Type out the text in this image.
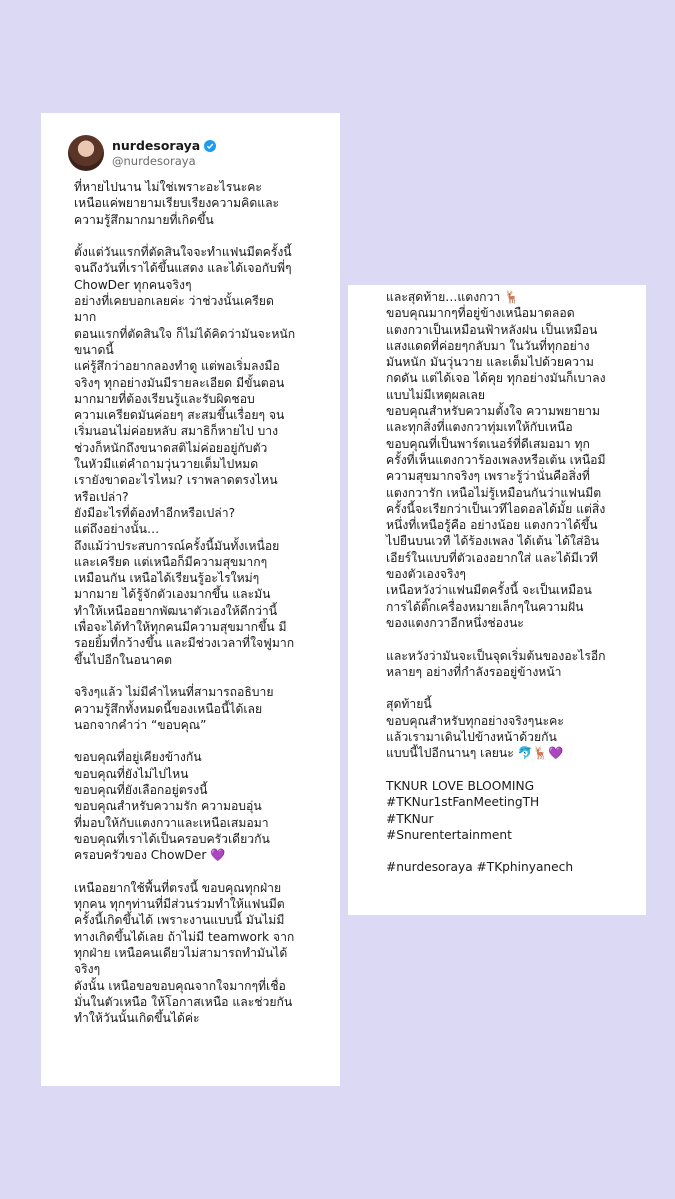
nurdesoraya
@nurdesoraya

ที่หายไปนาน ไม่ใช่เพราะอะไรนะคะ
เหนือแค่พยายามเรียบเรียงความคิดและ
ความรู้สึกมากมายที่เกิดขึ้น

ตั้งแต่วันแรกที่ตัดสินใจจะทำแฟนมีตครั้งนี้
จนถึงวันที่เราได้ขึ้นแสดง และได้เจอกับพี่ๆ
ChowDer ทุกคนจริงๆ
อย่างที่เคยบอกเลยค่ะ ว่าช่วงนั้นเครียด
มาก
ตอนแรกที่ตัดสินใจ ก็ไม่ได้คิดว่ามันจะหนัก
ขนาดนี้
แค่รู้สึกว่าอยากลองทำดู แต่พอเริ่มลงมือ
จริงๆ ทุกอย่างมันมีรายละเอียด มีขั้นตอน
มากมายที่ต้องเรียนรู้และรับผิดชอบ
ความเครียดมันค่อยๆ สะสมขึ้นเรื่อยๆ จน
เริ่มนอนไม่ค่อยหลับ สมาธิก็หายไป บาง
ช่วงก็หนักถึงขนาดสติไม่ค่อยอยู่กับตัว
ในหัวมีแต่คำถามวุ่นวายเต็มไปหมด
เรายังขาดอะไรไหม? เราพลาดตรงไหน
หรือเปล่า?
ยังมีอะไรที่ต้องทำอีกหรือเปล่า?
แต่ถึงอย่างนั้น…
ถึงแม้ว่าประสบการณ์ครั้งนี้มันทั้งเหนื่อย
และเครียด แต่เหนือก็มีความสุขมากๆ
เหมือนกัน เหนือได้เรียนรู้อะไรใหม่ๆ
มากมาย ได้รู้จักตัวเองมากขึ้น และมัน
ทำให้เหนืออยากพัฒนาตัวเองให้ดีกว่านี้
เพื่อจะได้ทำให้ทุกคนมีความสุขมากขึ้น มี
รอยยิ้มที่กว้างขึ้น และมีช่วงเวลาที่ใจฟูมาก
ขึ้นไปอีกในอนาคต

จริงๆแล้ว ไม่มีคำไหนที่สามารถอธิบาย
ความรู้สึกทั้งหมดนี้ของเหนือนี้ได้เลย
นอกจากคำว่า “ขอบคุณ”

ขอบคุณที่อยู่เคียงข้างกัน
ขอบคุณที่ยังไม่ไปไหน
ขอบคุณที่ยังเลือกอยู่ตรงนี้
ขอบคุณสำหรับความรัก ความอบอุ่น
ที่มอบให้กับแตงกวาและเหนือเสมอมา
ขอบคุณที่เราได้เป็นครอบครัวเดียวกัน
ครอบครัวของ ChowDer 💜

เหนืออยากใช้พื้นที่ตรงนี้ ขอบคุณทุกฝ่าย
ทุกคน ทุกๆท่านที่มีส่วนร่วมทำให้แฟนมีต
ครั้งนี้เกิดขึ้นได้ เพราะงานแบบนี้ มันไม่มี
ทางเกิดขึ้นได้เลย ถ้าไม่มี teamwork จาก
ทุกฝ่าย เหนือคนเดียวไม่สามารถทำมันได้
จริงๆ
ดังนั้น เหนือขอขอบคุณจากใจมากๆที่เชื่อ
มั่นในตัวเหนือ ให้โอกาสเหนือ และช่วยกัน
ทำให้วันนั้นเกิดขึ้นได้ค่ะ

และสุดท้าย…แตงกวา 🦌
ขอบคุณมากๆที่อยู่ข้างเหนือมาตลอด
แตงกวาเป็นเหมือนฟ้าหลังฝน เป็นเหมือน
แสงแดดที่ค่อยๆกลับมา ในวันที่ทุกอย่าง
มันหนัก มันวุ่นวาย และเต็มไปด้วยความ
กดดัน แต่ได้เจอ ได้คุย ทุกอย่างมันก็เบาลง
แบบไม่มีเหตุผลเลย
ขอบคุณสำหรับความตั้งใจ ความพยายาม
และทุกสิ่งที่แตงกวาทุ่มเทให้กับเหนือ
ขอบคุณที่เป็นพาร์ตเนอร์ที่ดีเสมอมา ทุก
ครั้งที่เห็นแตงกวาร้องเพลงหรือเต้น เหนือมี
ความสุขมากจริงๆ เพราะรู้ว่านั่นคือสิ่งที่
แตงกวารัก เหนือไม่รู้เหมือนกันว่าแฟนมีต
ครั้งนี้จะเรียกว่าเป็นเวทีไอดอลได้มั้ย แต่สิ่ง
หนึ่งที่เหนือรู้คือ อย่างน้อย แตงกวาได้ขึ้น
ไปยืนบนเวที ได้ร้องเพลง ได้เต้น ได้ใส่อิน
เอียร์ในแบบที่ตัวเองอยากใส่ และได้มีเวที
ของตัวเองจริงๆ
เหนือหวังว่าแฟนมีตครั้งนี้ จะเป็นเหมือน
การได้ติ๊กเครื่องหมายเล็กๆในความฝัน
ของแตงกวาอีกหนึ่งช่องนะ

และหวังว่ามันจะเป็นจุดเริ่มต้นของอะไรอีก
หลายๆ อย่างที่กำลังรออยู่ข้างหน้า

สุดท้ายนี้
ขอบคุณสำหรับทุกอย่างจริงๆนะคะ
แล้วเรามาเดินไปข้างหน้าด้วยกัน
แบบนี้ไปอีกนานๆ เลยนะ 🐬🦌💜

TKNUR LOVE BLOOMING
#TKNur1stFanMeetingTH
#TKNur
#Snurentertainment

#nurdesoraya #TKphinyanech
